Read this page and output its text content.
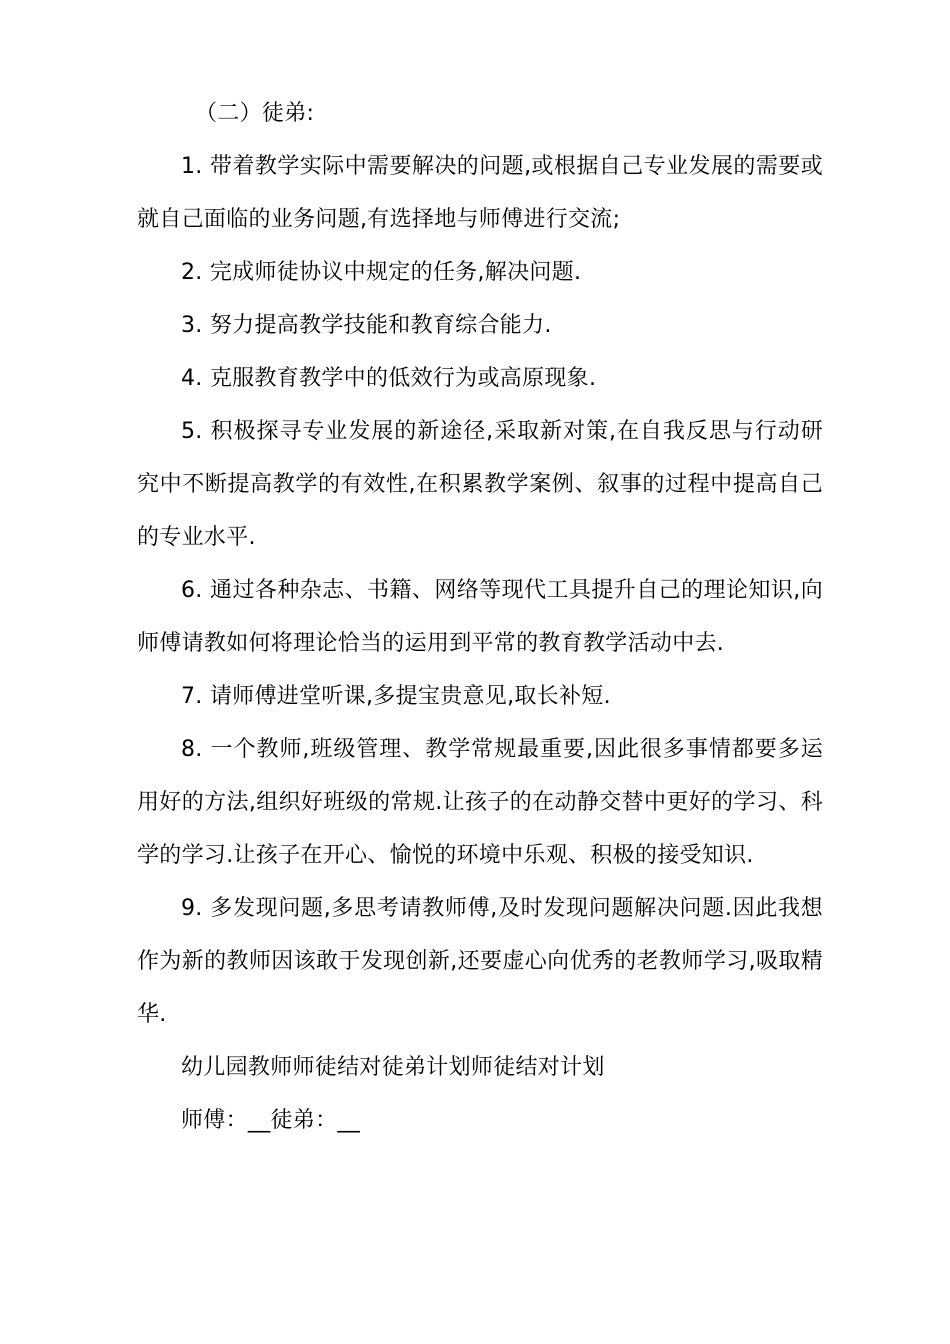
（二）徒弟:

1. 带着教学实际中需要解决的问题,或根据自己专业发展的需要或就自己面临的业务问题,有选择地与师傅进行交流;

2. 完成师徒协议中规定的任务,解决问题.

3. 努力提高教学技能和教育综合能力.

4. 克服教育教学中的低效行为或高原现象.

5. 积极探寻专业发展的新途径,采取新对策,在自我反思与行动研究中不断提高教学的有效性,在积累教学案例、叙事的过程中提高自己的专业水平.

6. 通过各种杂志、书籍、网络等现代工具提升自己的理论知识,向师傅请教如何将理论恰当的运用到平常的教育教学活动中去.

7. 请师傅进堂听课,多提宝贵意见,取长补短.

8. 一个教师,班级管理、教学常规最重要,因此很多事情都要多运用好的方法,组织好班级的常规.让孩子的在动静交替中更好的学习、科学的学习.让孩子在开心、愉悦的环境中乐观、积极的接受知识.

9. 多发现问题,多思考请教师傅,及时发现问题解决问题.因此我想作为新的教师因该敢于发现创新,还要虚心向优秀的老教师学习,吸取精华.

幼儿园教师师徒结对徒弟计划师徒结对计划

师傅：__徒弟：__
